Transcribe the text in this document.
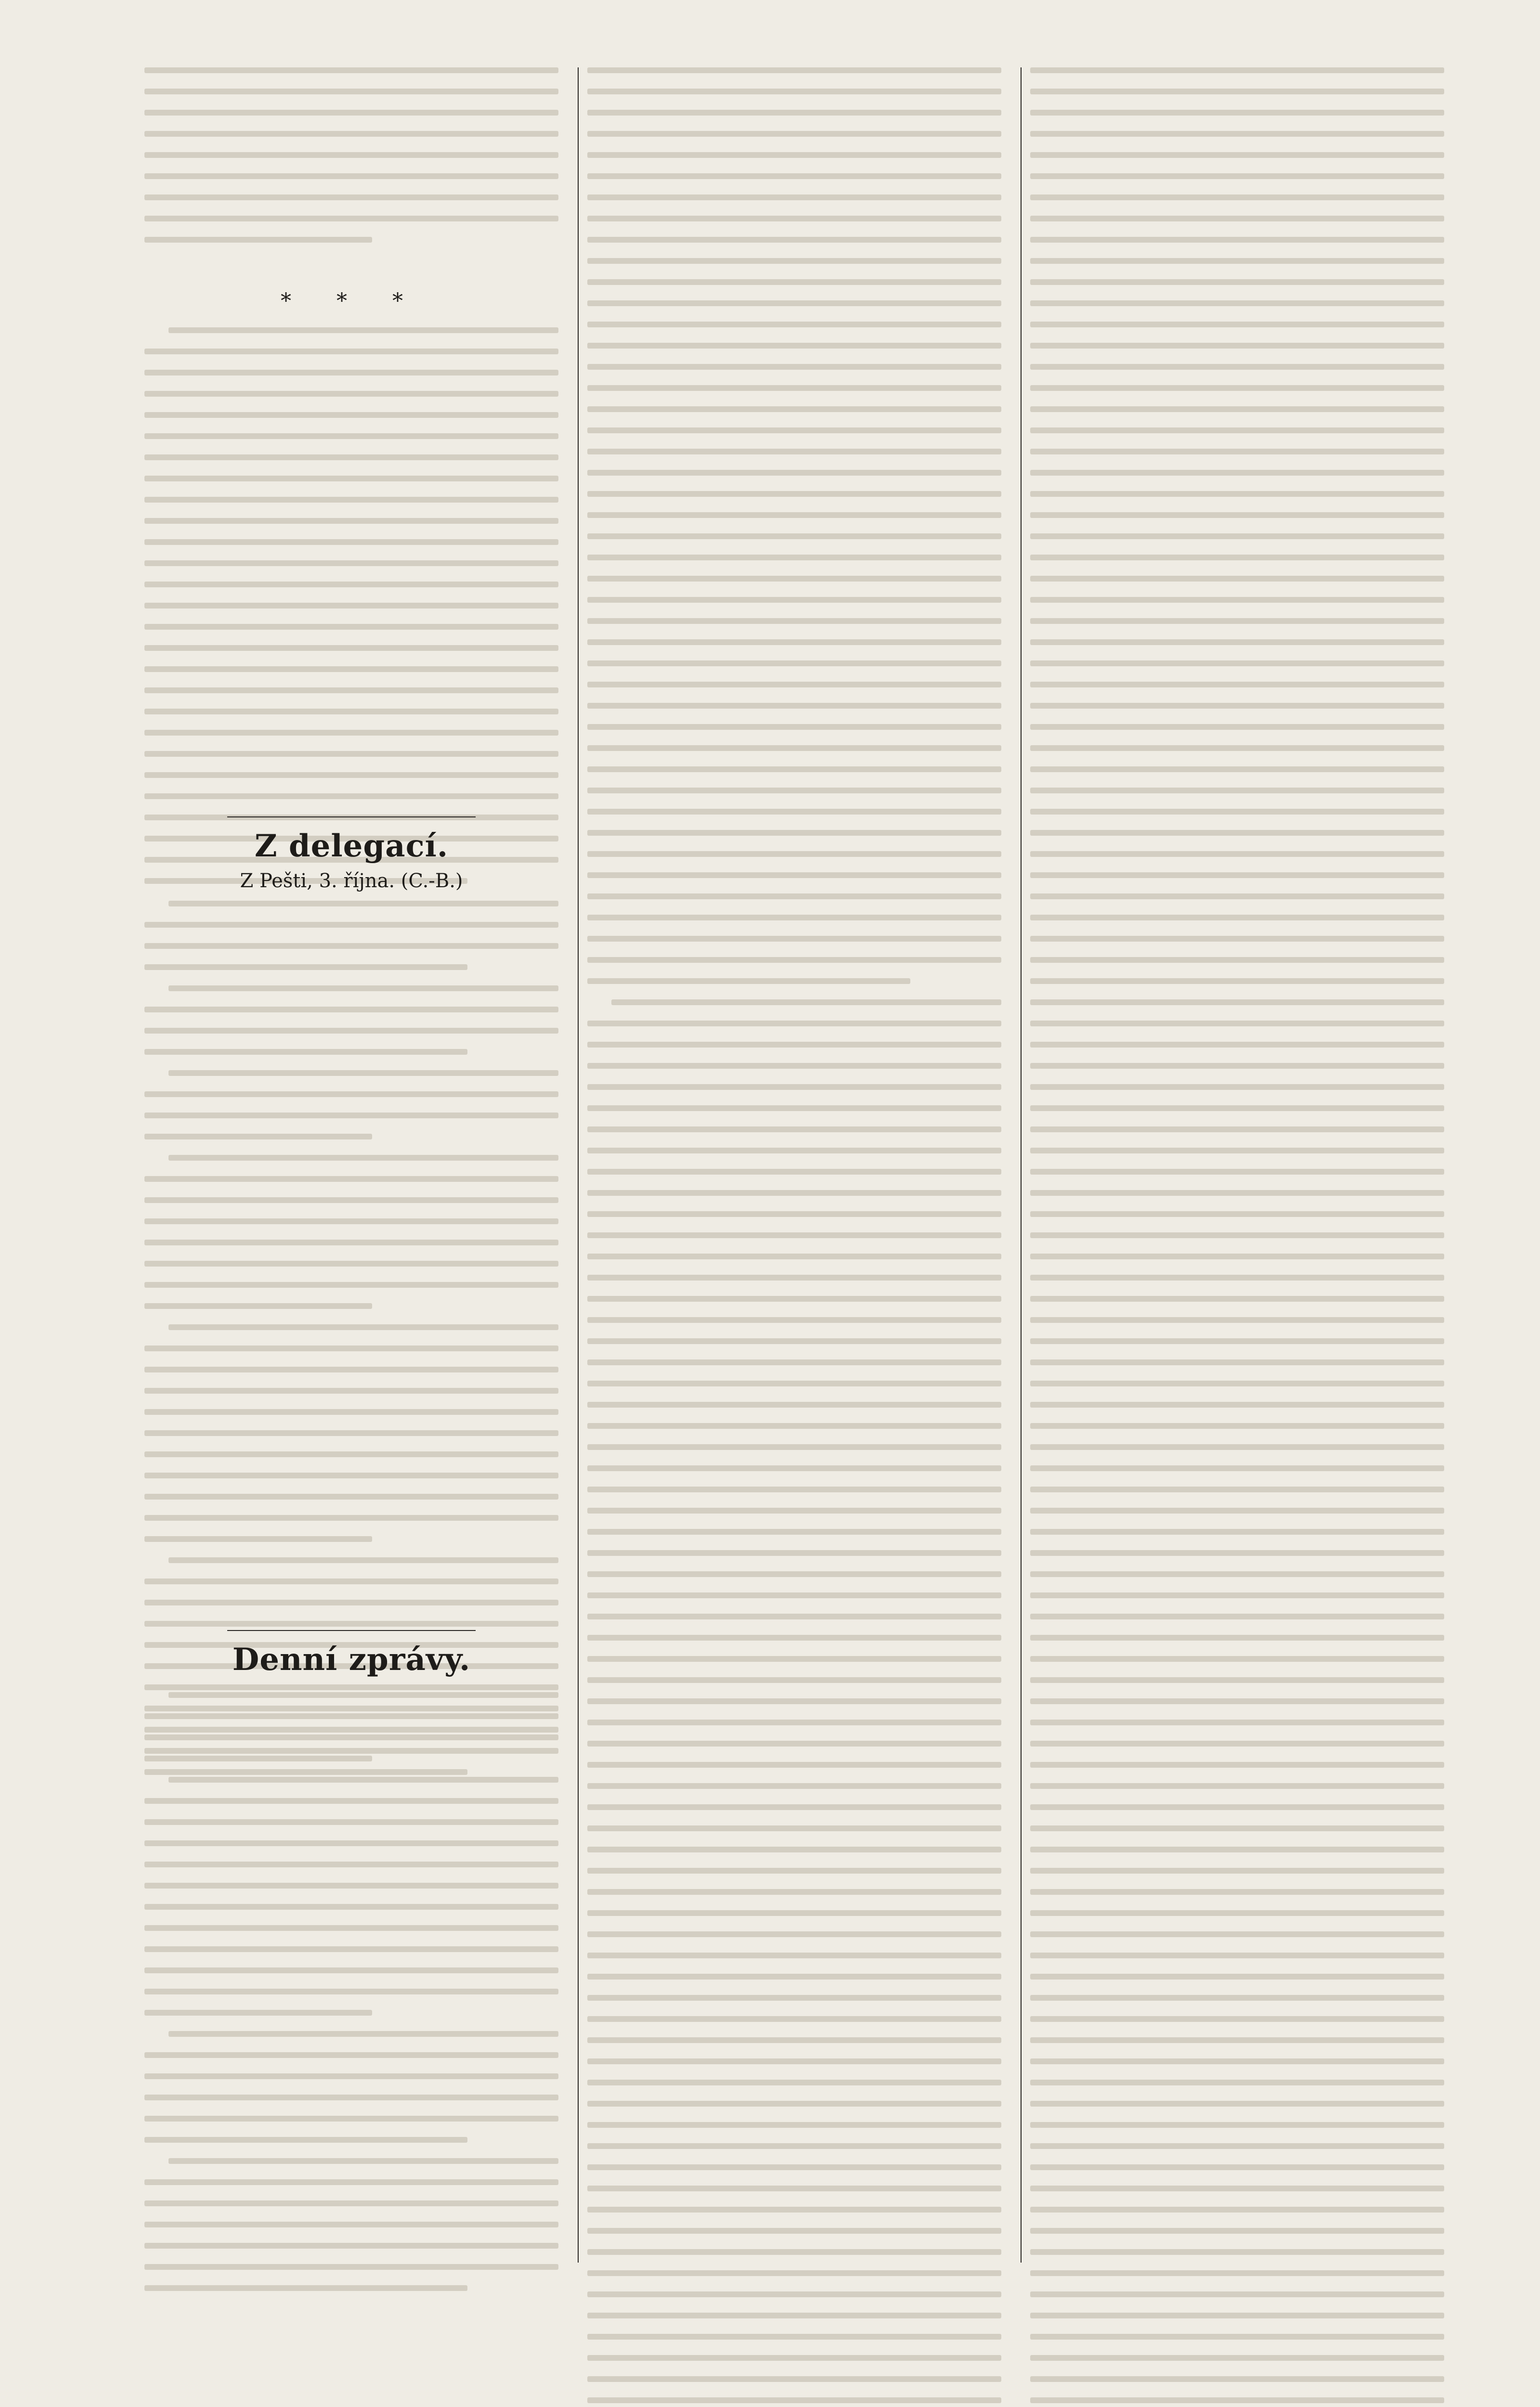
* * *
Z delegací.
Z Pešti, 3. října. (C.-B.)
Denní zprávy.
